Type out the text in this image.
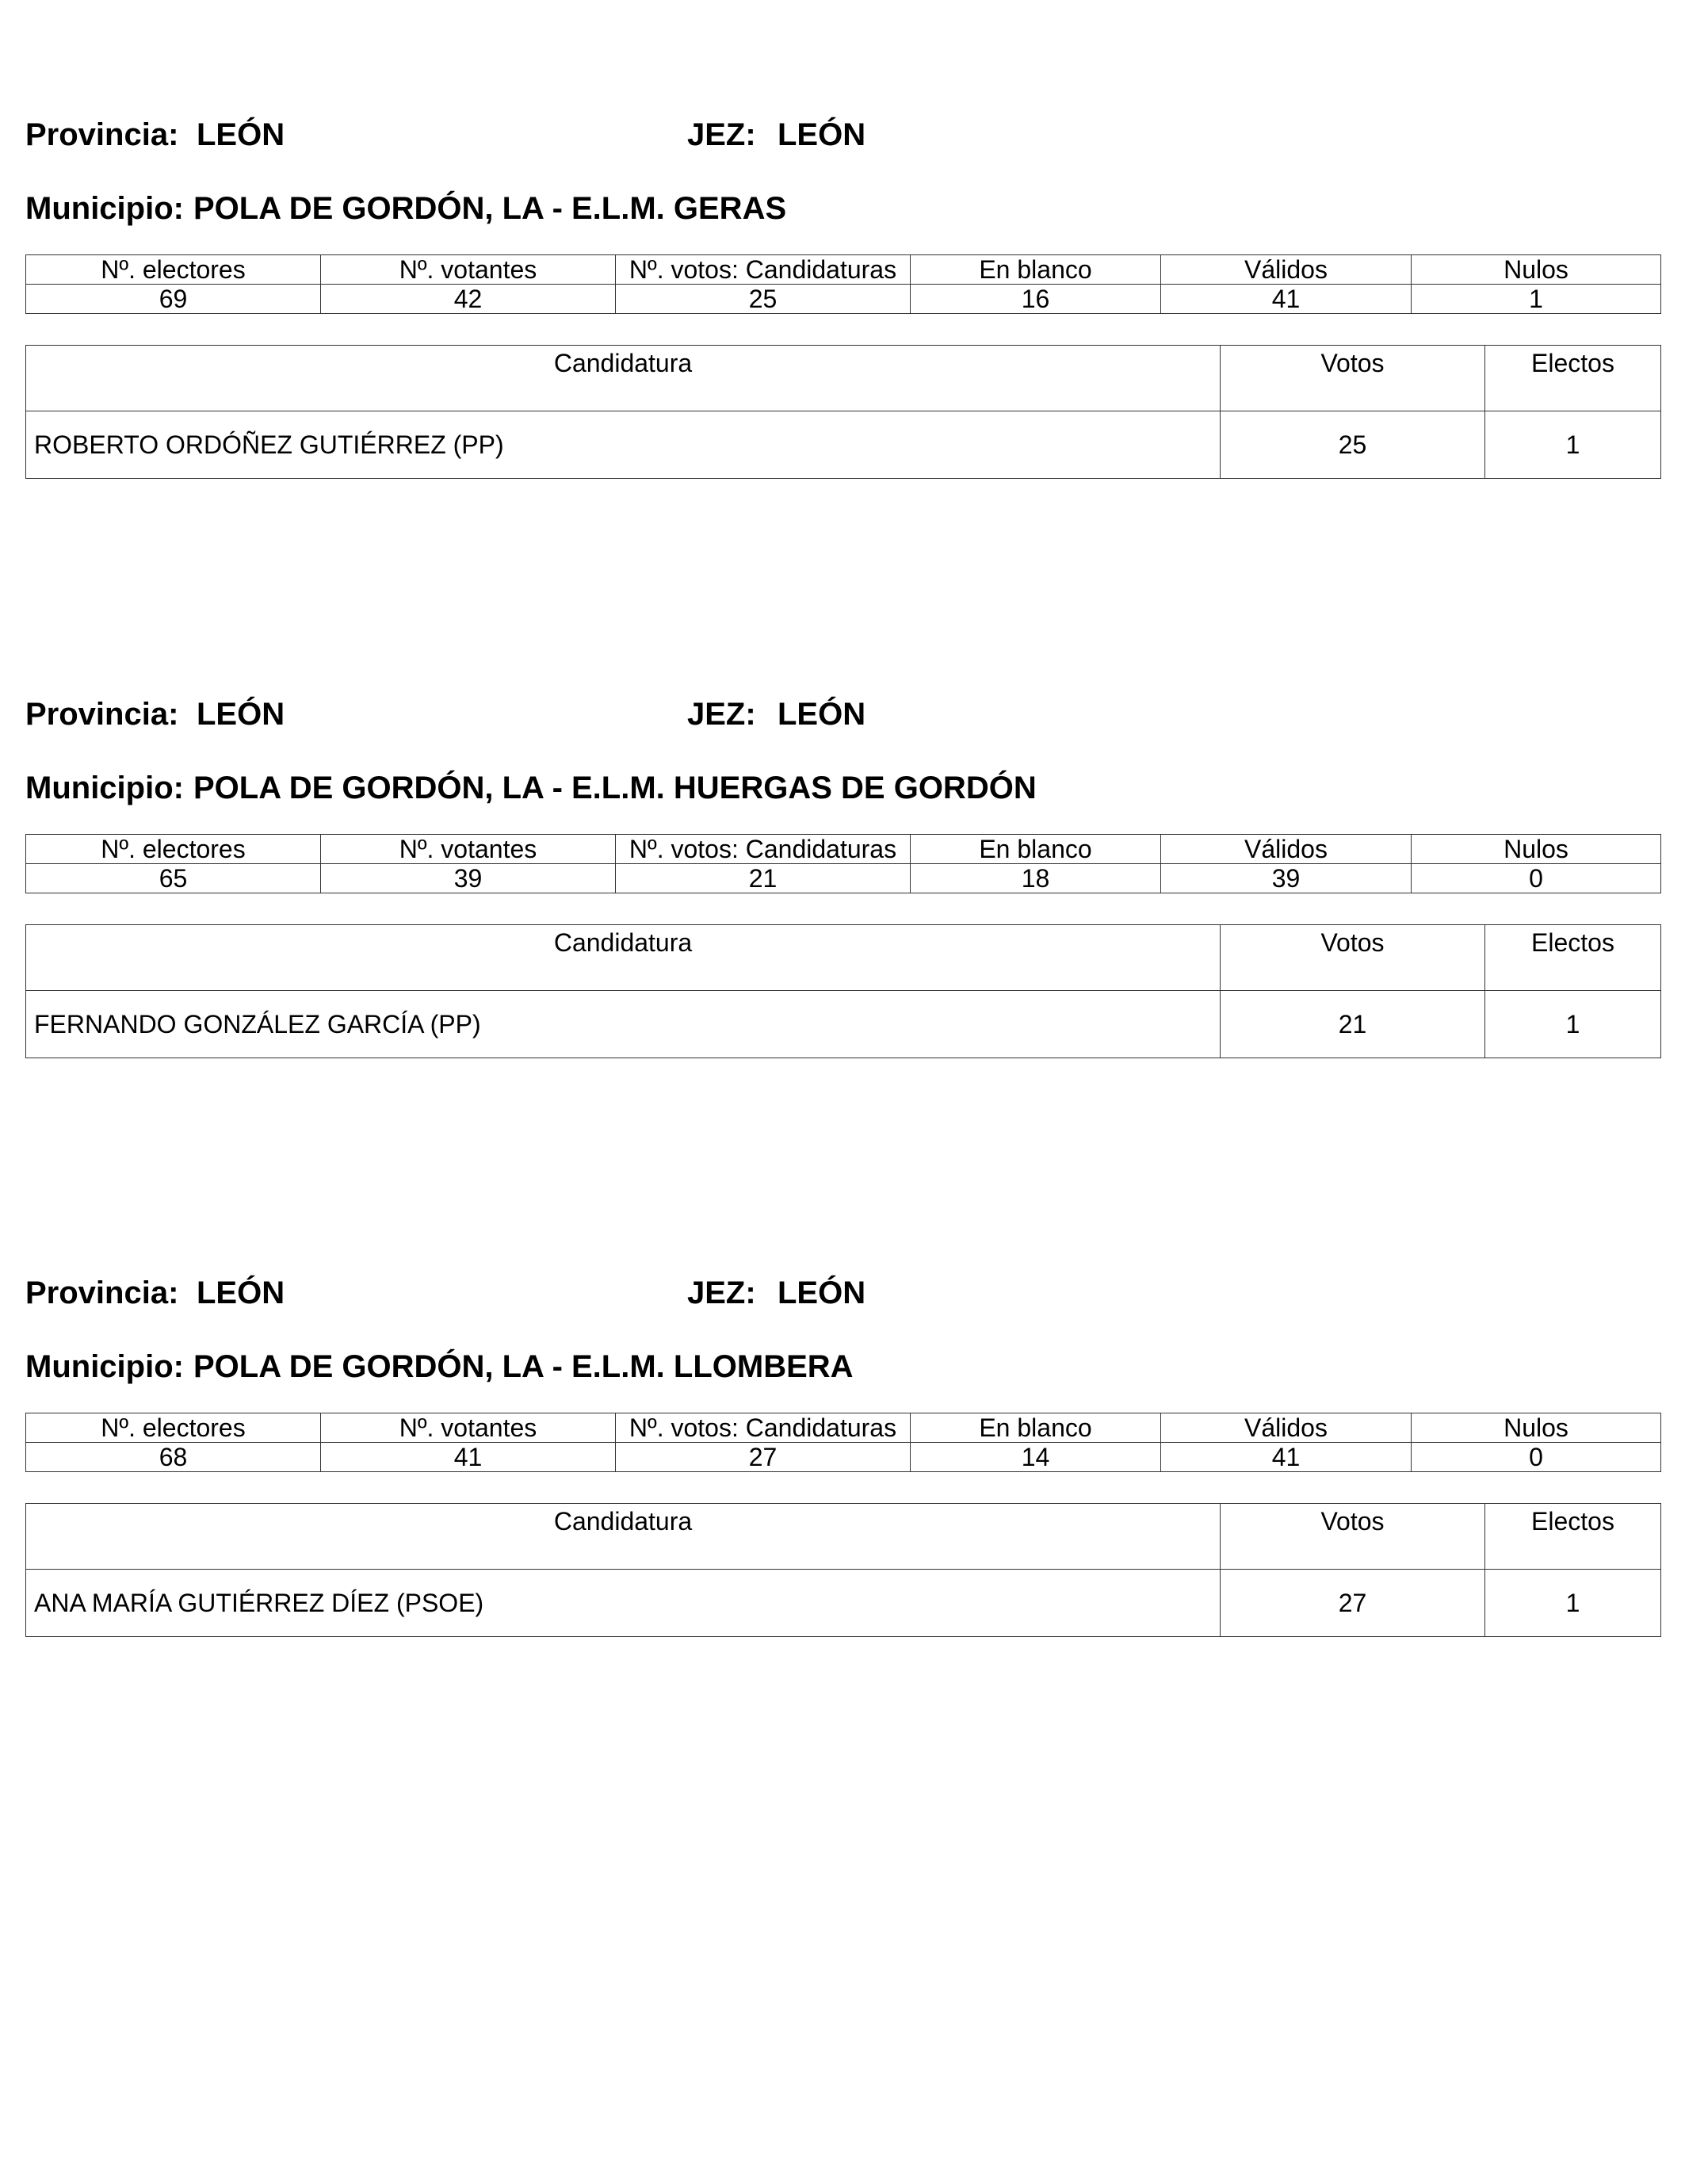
Provincia: LEÓN	JEZ: LEÓN
Municipio: POLA DE GORDÓN, LA - E.L.M. GERAS
Nº. electores	Nº. votantes	Nº. votos: Candidaturas	En blanco	Válidos	Nulos
69	42	25	16	41	1
Candidatura	Votos	Electos
ROBERTO ORDÓÑEZ GUTIÉRREZ (PP)	25	1
Provincia: LEÓN	JEZ: LEÓN
Municipio: POLA DE GORDÓN, LA - E.L.M. HUERGAS DE GORDÓN
Nº. electores	Nº. votantes	Nº. votos: Candidaturas	En blanco	Válidos	Nulos
65	39	21	18	39	0
Candidatura	Votos	Electos
FERNANDO GONZÁLEZ GARCÍA (PP)	21	1
Provincia: LEÓN	JEZ: LEÓN
Municipio: POLA DE GORDÓN, LA - E.L.M. LLOMBERA
Nº. electores	Nº. votantes	Nº. votos: Candidaturas	En blanco	Válidos	Nulos
68	41	27	14	41	0
Candidatura	Votos	Electos
ANA MARÍA GUTIÉRREZ DÍEZ (PSOE)	27	1
